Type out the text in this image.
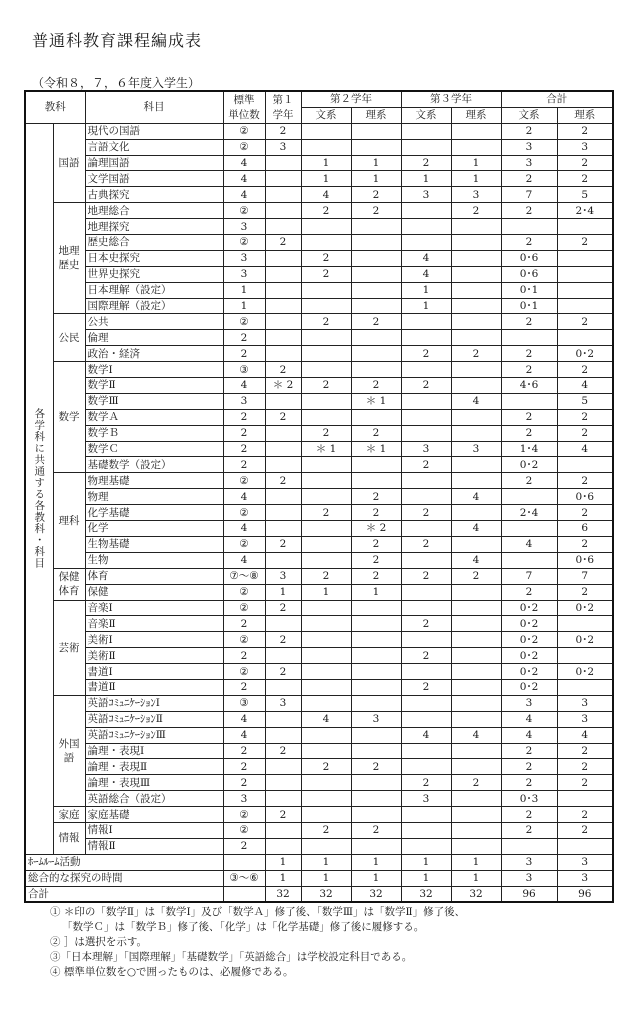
普通科教育課程編成表
（令和８，７，６年度入学生）
教科		科目	標準	第１	第２学年		第３学年		合計	
			単位数	学年	文系	理系	文系	理系	文系	理系

各学科に共通する各教科・科目	国語	現代の国語	②	2					2	2
		言語文化	②	3					3	3
		論理国語	4		1	1	2	1	3	2
		文学国語	4		1	1	1	1	2	2
		古典探究	4		4	2	3	3	7	5
	地理歴史	地理総合	②		2	2		2	2	2･4
		地理探究	3							
		歴史総合	②	2					2	2
		日本史探究	3		2		4		0･6	
		世界史探究	3		2		4		0･6	
		日本理解（設定）	1				1		0･1	
		国際理解（設定）	1				1		0･1	
	公民	公共	②		2	2			2	2
		倫理	2							
		政治・経済	2				2	2	2	0･2
	数学	数学Ⅰ	③	2					2	2
		数学Ⅱ	4	＊ 2	2	2	2		4･6	4
		数学Ⅲ	3			＊ 1		4		5
		数学Ａ	2	2					2	2
		数学Ｂ	2		2	2			2	2
		数学Ｃ	2		＊ 1	＊ 1	3	3	1･4	4
		基礎数学（設定）	2				2		0･2	
	理科	物理基礎	②	2					2	2
		物理	4			2		4		0･6
		化学基礎	②		2	2	2		2･4	2
		化学	4			＊ 2		4		6
		生物基礎	②	2		2	2		4	2
		生物	4			2		4		0･6
	保健体育	体育	⑦～⑧	3	2	2	2	2	7	7
		保健	②	1	1	1			2	2
	芸術	音楽Ⅰ	②	2					0･2	0･2
		音楽Ⅱ	2				2		0･2	
		美術Ⅰ	②	2					0･2	0･2
		美術Ⅱ	2				2		0･2	
		書道Ⅰ	②	2					0･2	0･2
		書道Ⅱ	2				2		0･2	
	外国語	英語ｺﾐｭﾆｹｰｼｮﾝⅠ	③	3					3	3
		英語ｺﾐｭﾆｹｰｼｮﾝⅡ	4		4	3			4	3
		英語ｺﾐｭﾆｹｰｼｮﾝⅢ	4				4	4	4	4
		論理・表現Ⅰ	2	2					2	2
		論理・表現Ⅱ	2		2	2			2	2
		論理・表現Ⅲ	2				2	2	2	2
		英語総合（設定）	3				3		0･3	
	家庭	家庭基礎	②	2					2	2
	情報	情報Ⅰ	②		2	2			2	2
		情報Ⅱ	2							
ﾎｰﾑﾙｰﾑ活動				1	1	1	1	1	3	3
総合的な探究の時間			③～⑥	1	1	1	1	1	3	3
合計				32	32	32	32	32	96	96
① ＊印の「数学Ⅱ」は「数学Ⅰ」及び「数学Ａ」修了後、「数学Ⅲ」は「数学Ⅱ」修了後、
「数学Ｃ」は「数学Ｂ」修了後、「化学」は「化学基礎」修了後に履修する。
② ］は選択を示す。
③「日本理解」「国際理解」「基礎数学」「英語総合」は学校設定科目である。
④ 標準単位数を○で囲ったものは、必履修である。
